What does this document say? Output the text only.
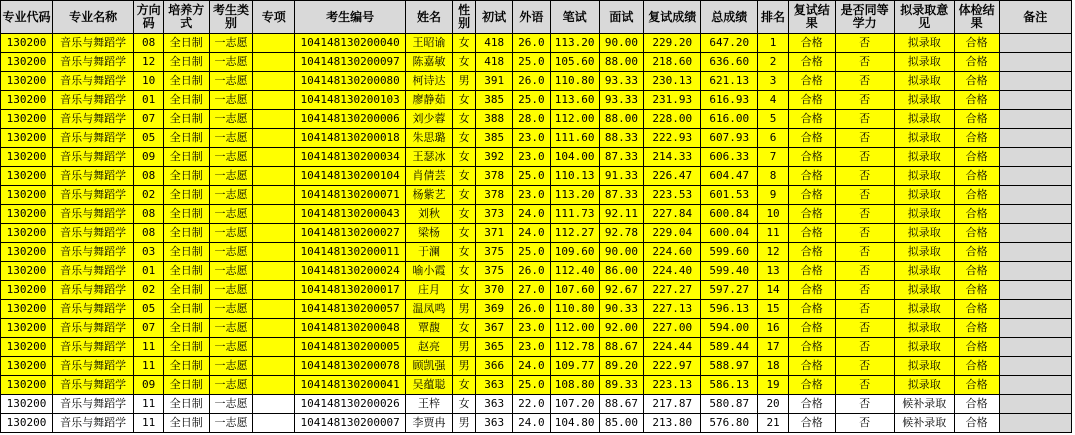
专业代码	专业名称	方向码	培养方式	考生类别	专项	考生编号	姓名	性别	初试	外语	笔试	面试	复试成绩	总成绩	排名	复试结果	是否同等学力	拟录取意见	体检结果	备注
130200	音乐与舞蹈学	08	全日制	一志愿		104148130200040	王昭谕	女	418	26.0	113.20	90.00	229.20	647.20	1	合格	否	拟录取	合格	
130200	音乐与舞蹈学	12	全日制	一志愿		104148130200097	陈嘉敏	女	418	25.0	105.60	88.00	218.60	636.60	2	合格	否	拟录取	合格	
130200	音乐与舞蹈学	10	全日制	一志愿		104148130200080	柯诗达	男	391	26.0	110.80	93.33	230.13	621.13	3	合格	否	拟录取	合格	
130200	音乐与舞蹈学	01	全日制	一志愿		104148130200103	廖静茹	女	385	25.0	113.60	93.33	231.93	616.93	4	合格	否	拟录取	合格	
130200	音乐与舞蹈学	07	全日制	一志愿		104148130200006	刘少蓉	女	388	28.0	112.00	88.00	228.00	616.00	5	合格	否	拟录取	合格	
130200	音乐与舞蹈学	05	全日制	一志愿		104148130200018	朱思璐	女	385	23.0	111.60	88.33	222.93	607.93	6	合格	否	拟录取	合格	
130200	音乐与舞蹈学	09	全日制	一志愿		104148130200034	王瑟冰	女	392	23.0	104.00	87.33	214.33	606.33	7	合格	否	拟录取	合格	
130200	音乐与舞蹈学	08	全日制	一志愿		104148130200104	肖倩芸	女	378	25.0	110.13	91.33	226.47	604.47	8	合格	否	拟录取	合格	
130200	音乐与舞蹈学	02	全日制	一志愿		104148130200071	杨紫艺	女	378	23.0	113.20	87.33	223.53	601.53	9	合格	否	拟录取	合格	
130200	音乐与舞蹈学	08	全日制	一志愿		104148130200043	刘秋	女	373	24.0	111.73	92.11	227.84	600.84	10	合格	否	拟录取	合格	
130200	音乐与舞蹈学	08	全日制	一志愿		104148130200027	梁杨	女	371	24.0	112.27	92.78	229.04	600.04	11	合格	否	拟录取	合格	
130200	音乐与舞蹈学	03	全日制	一志愿		104148130200011	于澜	女	375	25.0	109.60	90.00	224.60	599.60	12	合格	否	拟录取	合格	
130200	音乐与舞蹈学	01	全日制	一志愿		104148130200024	喻小霞	女	375	26.0	112.40	86.00	224.40	599.40	13	合格	否	拟录取	合格	
130200	音乐与舞蹈学	02	全日制	一志愿		104148130200017	庄月	女	370	27.0	107.60	92.67	227.27	597.27	14	合格	否	拟录取	合格	
130200	音乐与舞蹈学	05	全日制	一志愿		104148130200057	温凤鸣	男	369	26.0	110.80	90.33	227.13	596.13	15	合格	否	拟录取	合格	
130200	音乐与舞蹈学	07	全日制	一志愿		104148130200048	覃馥	女	367	23.0	112.00	92.00	227.00	594.00	16	合格	否	拟录取	合格	
130200	音乐与舞蹈学	11	全日制	一志愿		104148130200005	赵亮	男	365	23.0	112.78	88.67	224.44	589.44	17	合格	否	拟录取	合格	
130200	音乐与舞蹈学	11	全日制	一志愿		104148130200078	顾凯强	男	366	24.0	109.77	89.20	222.97	588.97	18	合格	否	拟录取	合格	
130200	音乐与舞蹈学	09	全日制	一志愿		104148130200041	吴蕴聪	女	363	25.0	108.80	89.33	223.13	586.13	19	合格	否	拟录取	合格	
130200	音乐与舞蹈学	11	全日制	一志愿		104148130200026	王梓	女	363	22.0	107.20	88.67	217.87	580.87	20	合格	否	候补录取	合格	
130200	音乐与舞蹈学	11	全日制	一志愿		104148130200007	李贾冉	男	363	24.0	104.80	85.00	213.80	576.80	21	合格	否	候补录取	合格	
